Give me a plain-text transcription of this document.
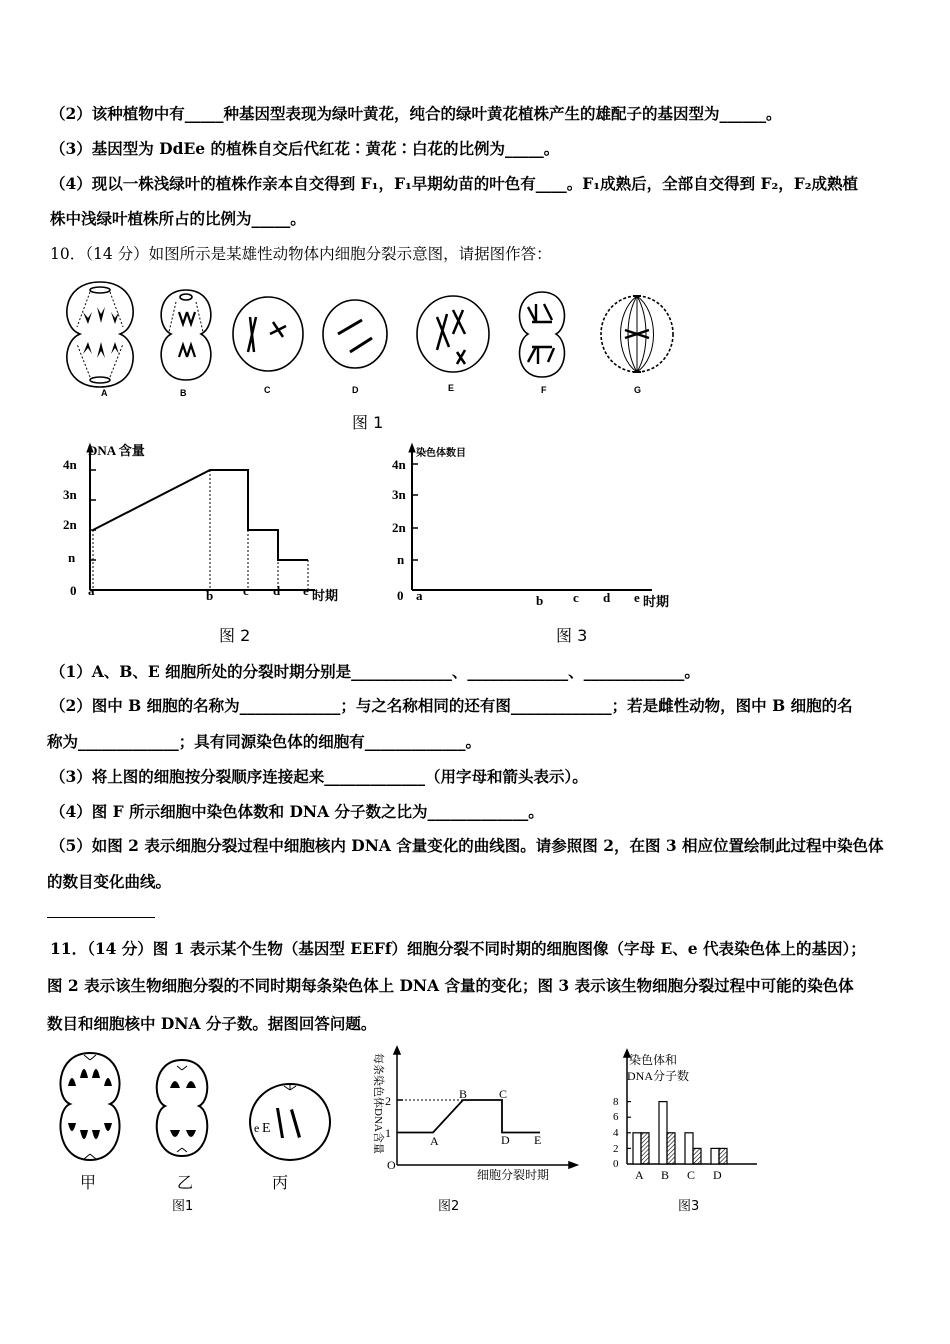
（2）该种植物中有_____种基因型表现为绿叶黄花，纯合的绿叶黄花植株产生的雄配子的基因型为______。
（3）基因型为 DdEe 的植株自交后代红花∶黄花∶白花的比例为_____。
（4）现以一株浅绿叶的植株作亲本自交得到 F₁，F₁早期幼苗的叶色有____。F₁成熟后，全部自交得到 F₂，F₂成熟植
株中浅绿叶植株所占的比例为_____。
10．（14 分）如图所示是某雄性动物体内细胞分裂示意图，请据图作答：
A	B	C	D	E	F	G
图 1
DNA 含量
4n
3n
2n
n
0 a	b c d e 时期
图 2
染色体数目
4n
3n
2n
n
0 a	b c d e 时期
图 3
（1）A、B、E 细胞所处的分裂时期分别是_____________、_____________、_____________。
（2）图中 B 细胞的名称为_____________；与之名称相同的还有图_____________；若是雌性动物，图中 B 细胞的名
称为_____________；具有同源染色体的细胞有_____________。
（3）将上图的细胞按分裂顺序连接起来_____________（用字母和箭头表示）。
（4）图 F 所示细胞中染色体数和 DNA 分子数之比为_____________。
（5）如图 2 表示细胞分裂过程中细胞核内 DNA 含量变化的曲线图。请参照图 2，在图 3 相应位置绘制此过程中染色体
的数目变化曲线。
11．（14 分）图 1 表示某个生物（基因型 EEFf）细胞分裂不同时期的细胞图像（字母 E、e 代表染色体上的基因）；
图 2 表示该生物细胞分裂的不同时期每条染色体上 DNA 含量的变化；图 3 表示该生物细胞分裂过程中可能的染色体
数目和细胞核中 DNA 分子数。据图回答问题。
e E
甲	乙	丙
图1
每条染色体DNA含量 2
1
O
A
B	C
D E
细胞分裂时期
图2
染色体和
DNA分子数
8
6
4
2
0
A B C D
图3
